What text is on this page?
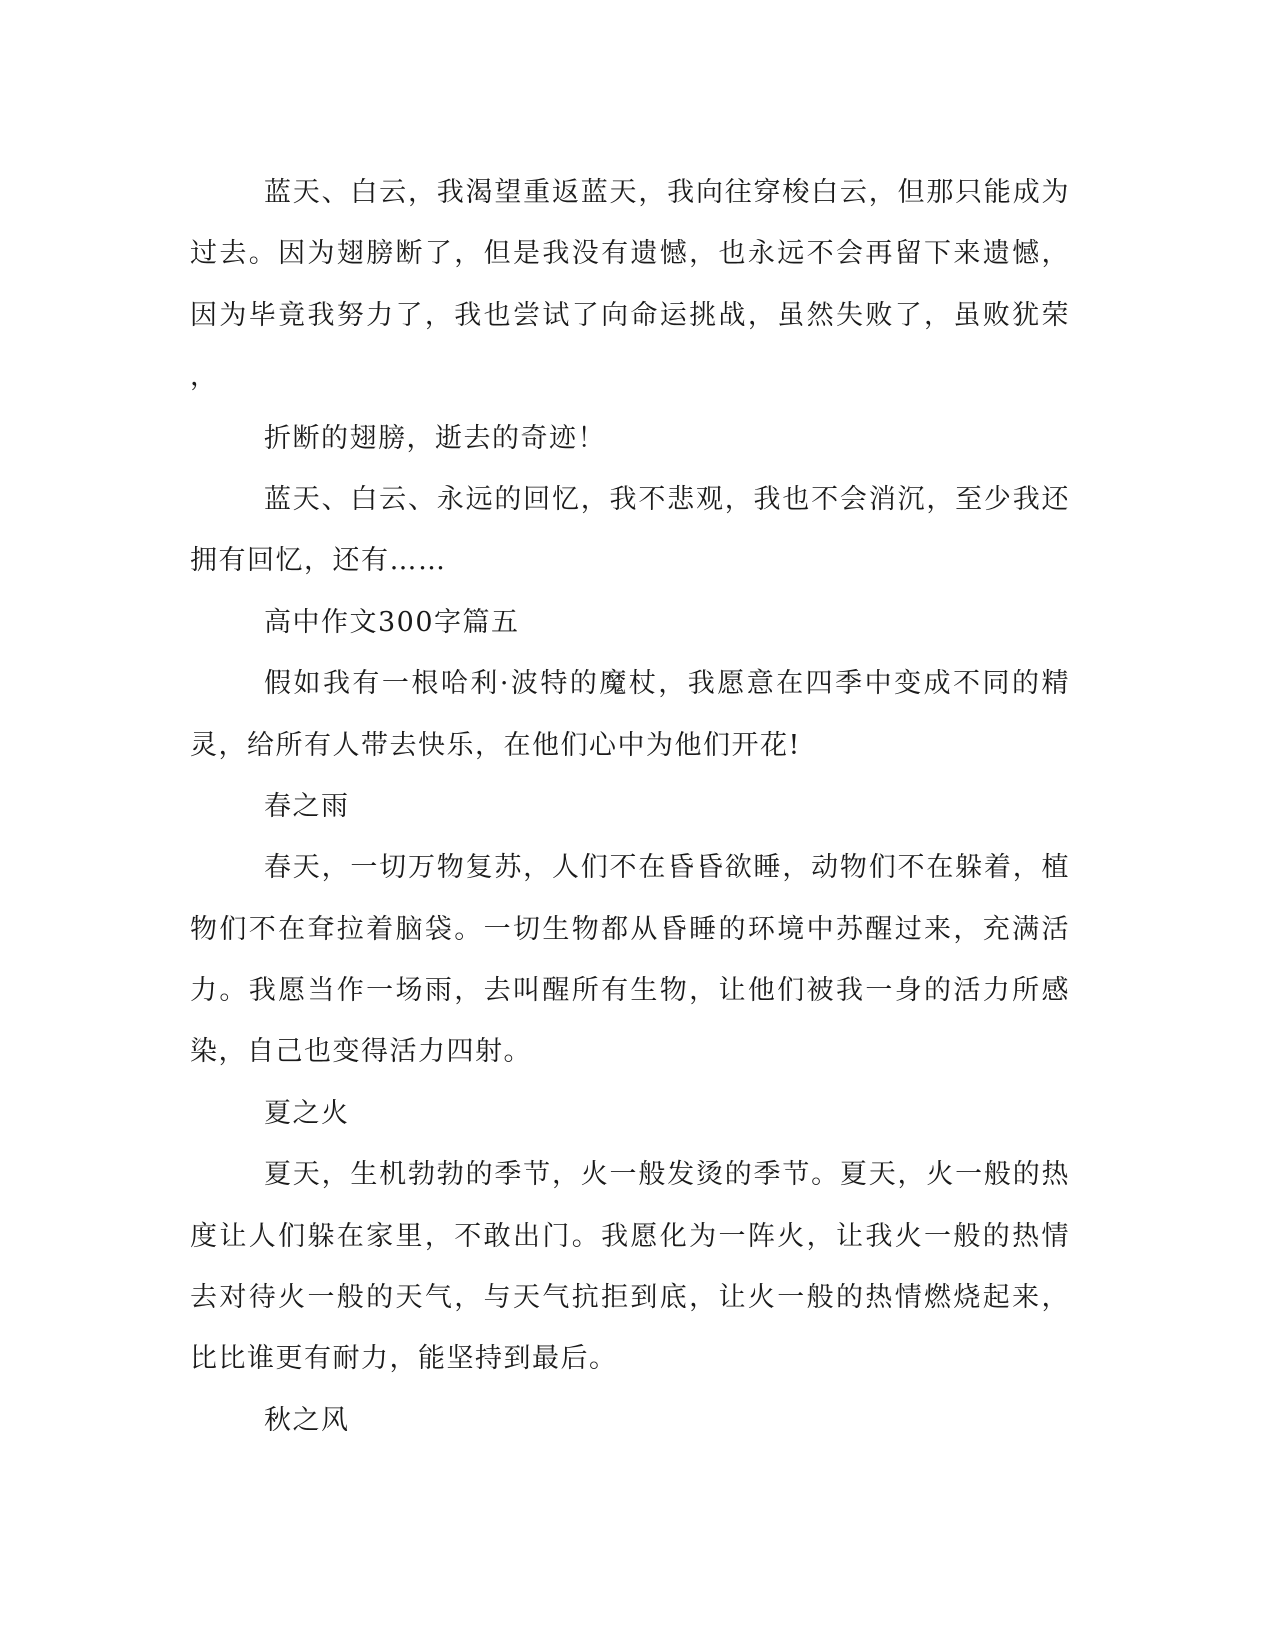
蓝天、白云，我渴望重返蓝天，我向往穿梭白云，但那只能成为
过去。因为翅膀断了，但是我没有遗憾，也永远不会再留下来遗憾，
因为毕竟我努力了，我也尝试了向命运挑战，虽然失败了，虽败犹荣
，
折断的翅膀，逝去的奇迹！
蓝天、白云、永远的回忆，我不悲观，我也不会消沉，至少我还
拥有回忆，还有……
高中作文300字篇五
假如我有一根哈利·波特的魔杖，我愿意在四季中变成不同的精
灵，给所有人带去快乐，在他们心中为他们开花!
春之雨
春天，一切万物复苏，人们不在昏昏欲睡，动物们不在躲着，植
物们不在耷拉着脑袋。一切生物都从昏睡的环境中苏醒过来，充满活
力。我愿当作一场雨，去叫醒所有生物，让他们被我一身的活力所感
染，自己也变得活力四射。
夏之火
夏天，生机勃勃的季节，火一般发烫的季节。夏天，火一般的热
度让人们躲在家里，不敢出门。我愿化为一阵火，让我火一般的热情
去对待火一般的天气，与天气抗拒到底，让火一般的热情燃烧起来，
比比谁更有耐力，能坚持到最后。
秋之风
